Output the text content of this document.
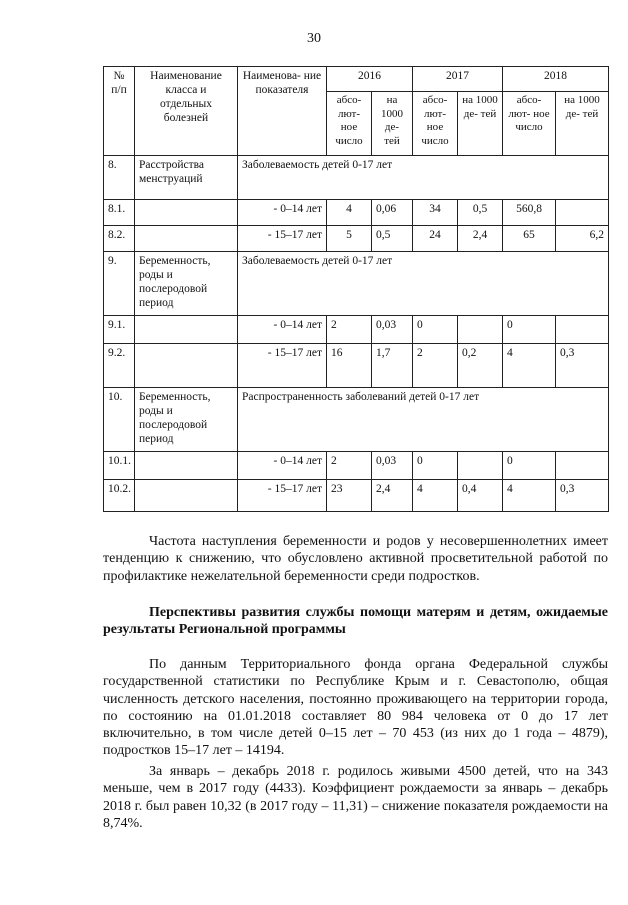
30
№ п/п	Наименование класса и отдельных болезней	Наименова- ние показателя	2016		2017		2018	
			абсо- лют- ное число	на 1000 де- тей	абсо- лют- ное число	на 1000 де- тей	абсо- лют- ное число	на 1000 де- тей
8.	Расстройства менструаций	Заболеваемость детей 0-17 лет						
8.1.		- 0–14 лет	4	0,06	34	0,5	560,8	
8.2.		- 15–17 лет	5	0,5	24	2,4	65	6,2
9.	Беременность, роды и послеродовой период	Заболеваемость детей 0-17 лет						
9.1.		- 0–14 лет	2	0,03	0		0	
9.2.		- 15–17 лет	16	1,7	2	0,2	4	0,3
10.	Беременность, роды и послеродовой период	Распространенность заболеваний детей 0-17 лет						
10.1.		- 0–14 лет	2	0,03	0		0	
10.2.		- 15–17 лет	23	2,4	4	0,4	4	0,3

Частота наступления беременности и родов у несовершеннолетних имеет тенденцию к снижению, что обусловлено активной просветительной работой по профилактике нежелательной беременности среди подростков.

Перспективы развития службы помощи матерям и детям, ожидаемые результаты Региональной программы

По данным Территориального фонда органа Федеральной службы государственной статистики по Республике Крым и г. Севастополю, общая численность детского населения, постоянно проживающего на территории города, по состоянию на 01.01.2018 составляет 80 984 человека от 0 до 17 лет включительно, в том числе детей 0–15 лет – 70 453 (из них до 1 года – 4879), подростков 15–17 лет – 14194.

За январь – декабрь 2018 г. родилось живыми 4500 детей, что на 343 меньше, чем в 2017 году (4433). Коэффициент рождаемости за январь – декабрь 2018 г. был равен 10,32 (в 2017 году – 11,31) – снижение показателя рождаемости на 8,74%.
